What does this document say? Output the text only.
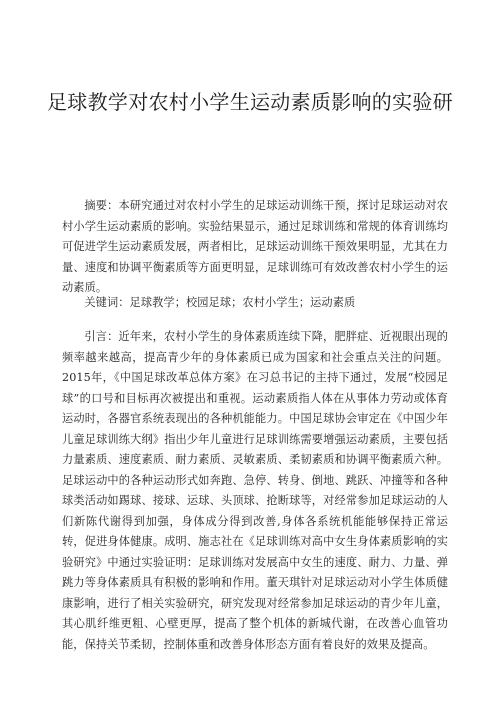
足球教学对农村小学生运动素质影响的实验研

摘要：本研究通过对农村小学生的足球运动训练干预，探讨足球运动对农村小学生运动素质的影响。实验结果显示，通过足球训练和常规的体育训练均可促进学生运动素质发展，两者相比，足球运动训练干预效果明显，尤其在力量、速度和协调平衡素质等方面更明显，足球训练可有效改善农村小学生的运动素质。

关键词：足球教学；校园足球；农村小学生；运动素质

引言：近年来，农村小学生的身体素质连续下降，肥胖症、近视眼出现的频率越来越高，提高青少年的身体素质已成为国家和社会重点关注的问题。2015年，《中国足球改革总体方案》在习总书记的主持下通过，发展“校园足球”的口号和目标再次被提出和重视。运动素质指人体在从事体力劳动或体育运动时，各器官系统表现出的各种机能能力。中国足球协会审定在《中国少年儿童足球训练大纲》指出少年儿童进行足球训练需要增强运动素质，主要包括力量素质、速度素质、耐力素质、灵敏素质、柔韧素质和协调平衡素质六种。足球运动中的各种运动形式如奔跑、急停、转身、倒地、跳跃、冲撞等和各种球类活动如踢球、接球、运球、头顶球、抢断球等，对经常参加足球运动的人们新陈代谢得到加强，身体成分得到改善,身体各系统机能能够保持正常运转，促进身体健康。成明、施志社在《足球训练对高中女生身体素质影响的实验研究》中通过实验证明：足球训练对发展高中女生的速度、耐力、力量、弹跳力等身体素质具有积极的影响和作用。董天琪针对足球运动对小学生体质健康影响，进行了相关实验研究，研究发现对经常参加足球运动的青少年儿童，其心肌纤维更粗、心壁更厚，提高了整个机体的新城代谢，在改善心血管功能，保持关节柔韧，控制体重和改善身体形态方面有着良好的效果及提高。
